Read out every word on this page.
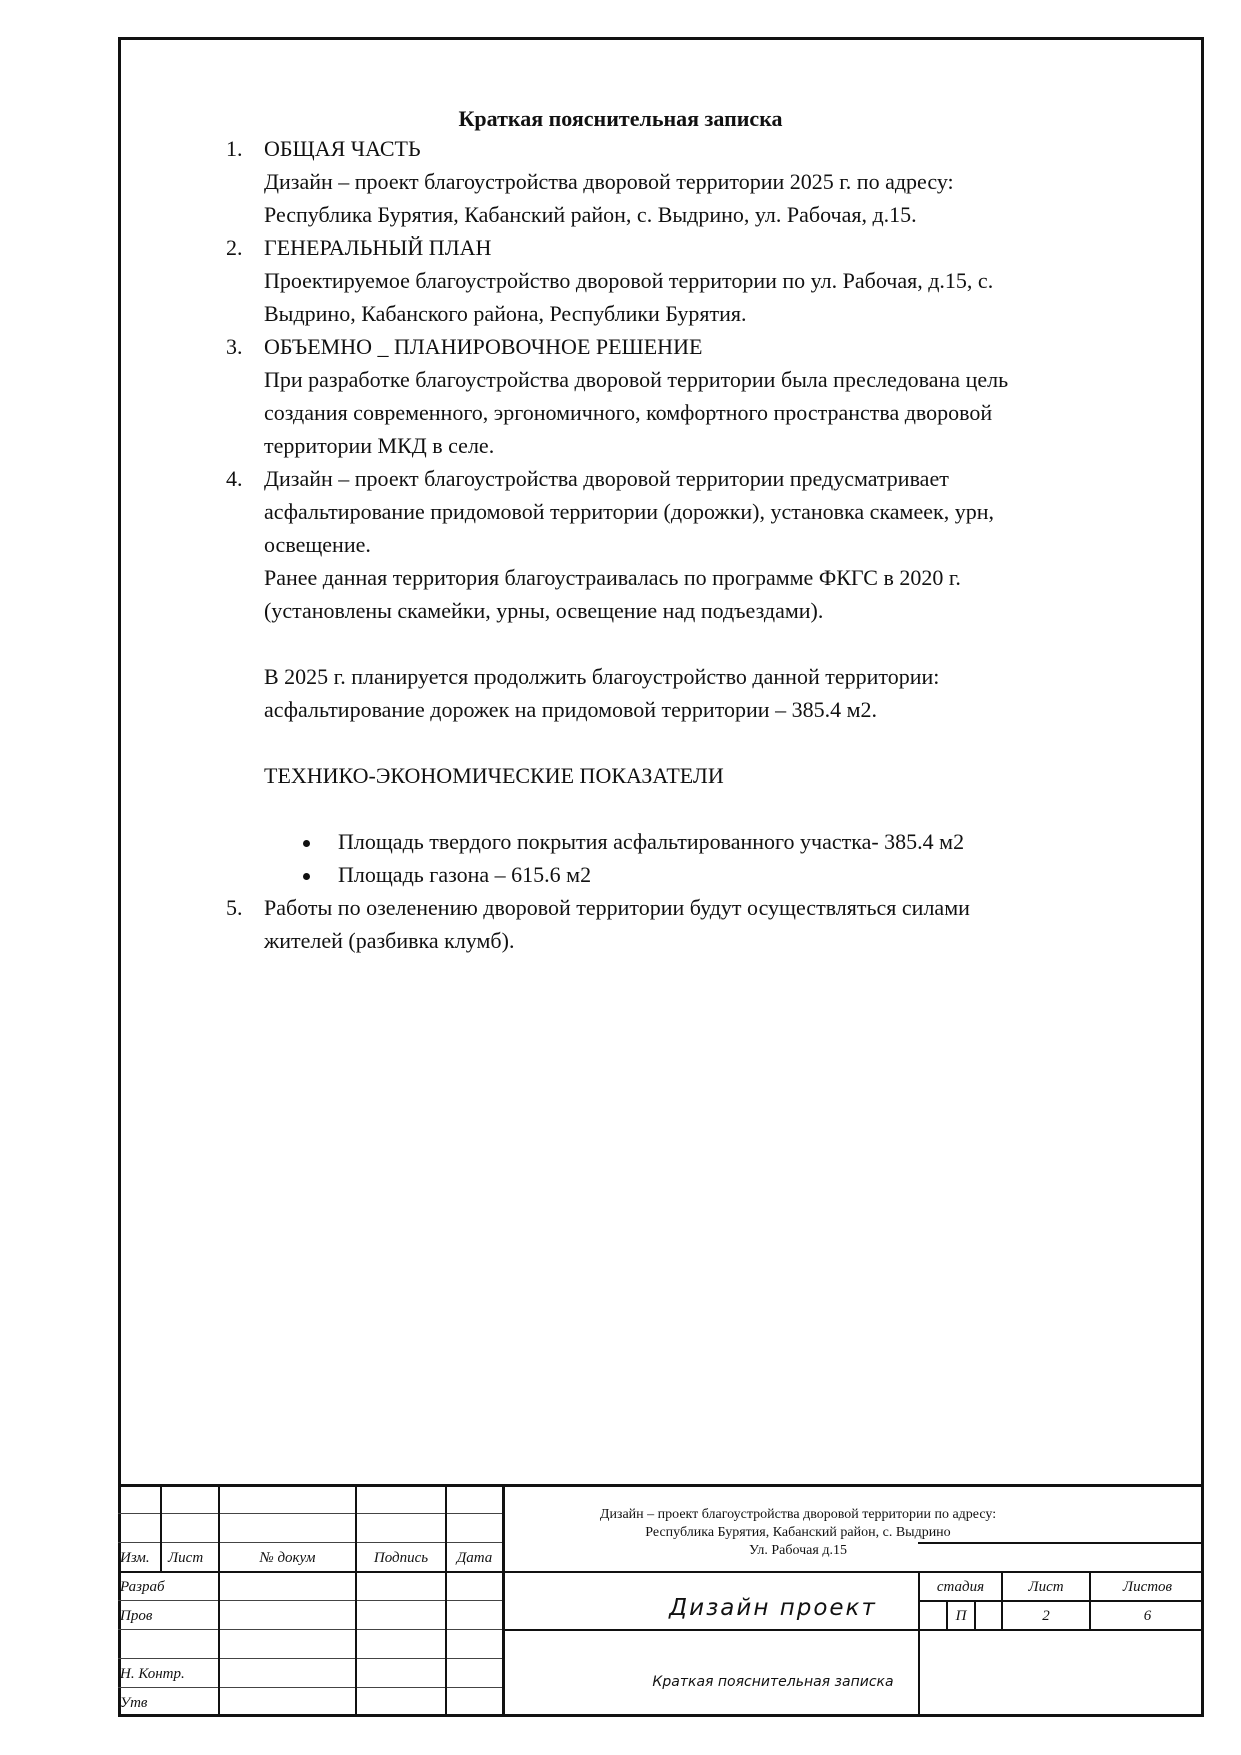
Краткая пояснительная записка
1. ОБЩАЯ ЧАСТЬ
Дизайн – проект благоустройства дворовой территории 2025 г. по адресу:
Республика Бурятия, Кабанский район, с. Выдрино, ул. Рабочая, д.15.
2. ГЕНЕРАЛЬНЫЙ ПЛАН
Проектируемое благоустройство дворовой территории по ул. Рабочая, д.15, с.
Выдрино, Кабанского района, Республики Бурятия.
3. ОБЪЕМНО _ ПЛАНИРОВОЧНОЕ РЕШЕНИЕ
При разработке благоустройства дворовой территории была преследована цель
создания современного, эргономичного, комфортного пространства дворовой
территории МКД в селе.
4. Дизайн – проект благоустройства дворовой территории предусматривает
асфальтирование придомовой территории (дорожки), установка скамеек, урн,
освещение.
Ранее данная территория благоустраивалась по программе ФКГС в 2020 г.
(установлены скамейки, урны, освещение над подъездами).
В 2025 г. планируется продолжить благоустройство данной территории:
асфальтирование дорожек на придомовой территории – 385.4 м2.
ТЕХНИКО-ЭКОНОМИЧЕСКИЕ ПОКАЗАТЕЛИ
Площадь твердого покрытия асфальтированного участка- 385.4 м2
Площадь газона – 615.6 м2
5. Работы по озеленению дворовой территории будут осуществляться силами
жителей (разбивка клумб).
Изм. Лист	№ докум	Подпись	Дата
Разраб
Пров
Н. Контр.
Утв
Дизайн – проект благоустройства дворовой территории по адресу:
Республика Бурятия, Кабанский район, с. Выдрино
Ул. Рабочая д.15
Дизайн проект
Краткая пояснительная записка
стадия	Лист	Листов
П	2	6
